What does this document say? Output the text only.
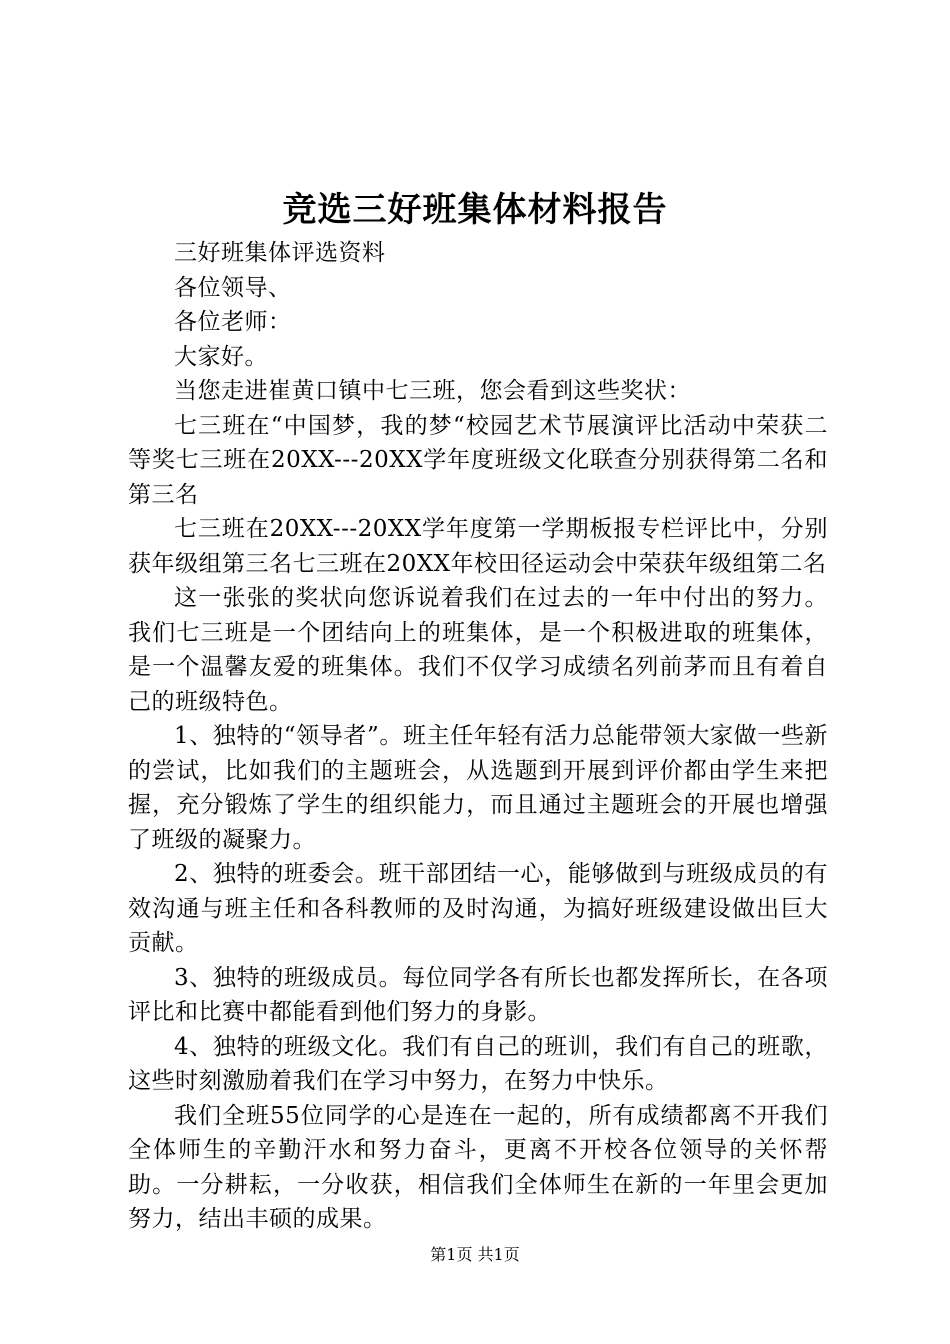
竞选三好班集体材料报告

三好班集体评选资料

各位领导、

各位老师：

大家好。

当您走进崔黄口镇中七三班，您会看到这些奖状：

七三班在“中国梦，我的梦“校园艺术节展演评比活动中荣获二等奖七三班在20XX---20XX学年度班级文化联查分别获得第二名和第三名

七三班在20XX---20XX学年度第一学期板报专栏评比中，分别获年级组第三名七三班在20XX年校田径运动会中荣获年级组第二名

这一张张的奖状向您诉说着我们在过去的一年中付出的努力。我们七三班是一个团结向上的班集体，是一个积极进取的班集体，是一个温馨友爱的班集体。我们不仅学习成绩名列前茅而且有着自己的班级特色。

1、独特的“领导者”。班主任年轻有活力总能带领大家做一些新的尝试，比如我们的主题班会，从选题到开展到评价都由学生来把握，充分锻炼了学生的组织能力，而且通过主题班会的开展也增强了班级的凝聚力。

2、独特的班委会。班干部团结一心，能够做到与班级成员的有效沟通与班主任和各科教师的及时沟通，为搞好班级建设做出巨大贡献。

3、独特的班级成员。每位同学各有所长也都发挥所长，在各项评比和比赛中都能看到他们努力的身影。

4、独特的班级文化。我们有自己的班训，我们有自己的班歌，这些时刻激励着我们在学习中努力，在努力中快乐。

我们全班55位同学的心是连在一起的，所有成绩都离不开我们全体师生的辛勤汗水和努力奋斗，更离不开校各位领导的关怀帮助。一分耕耘，一分收获，相信我们全体师生在新的一年里会更加努力，结出丰硕的成果。

第1页 共1页
